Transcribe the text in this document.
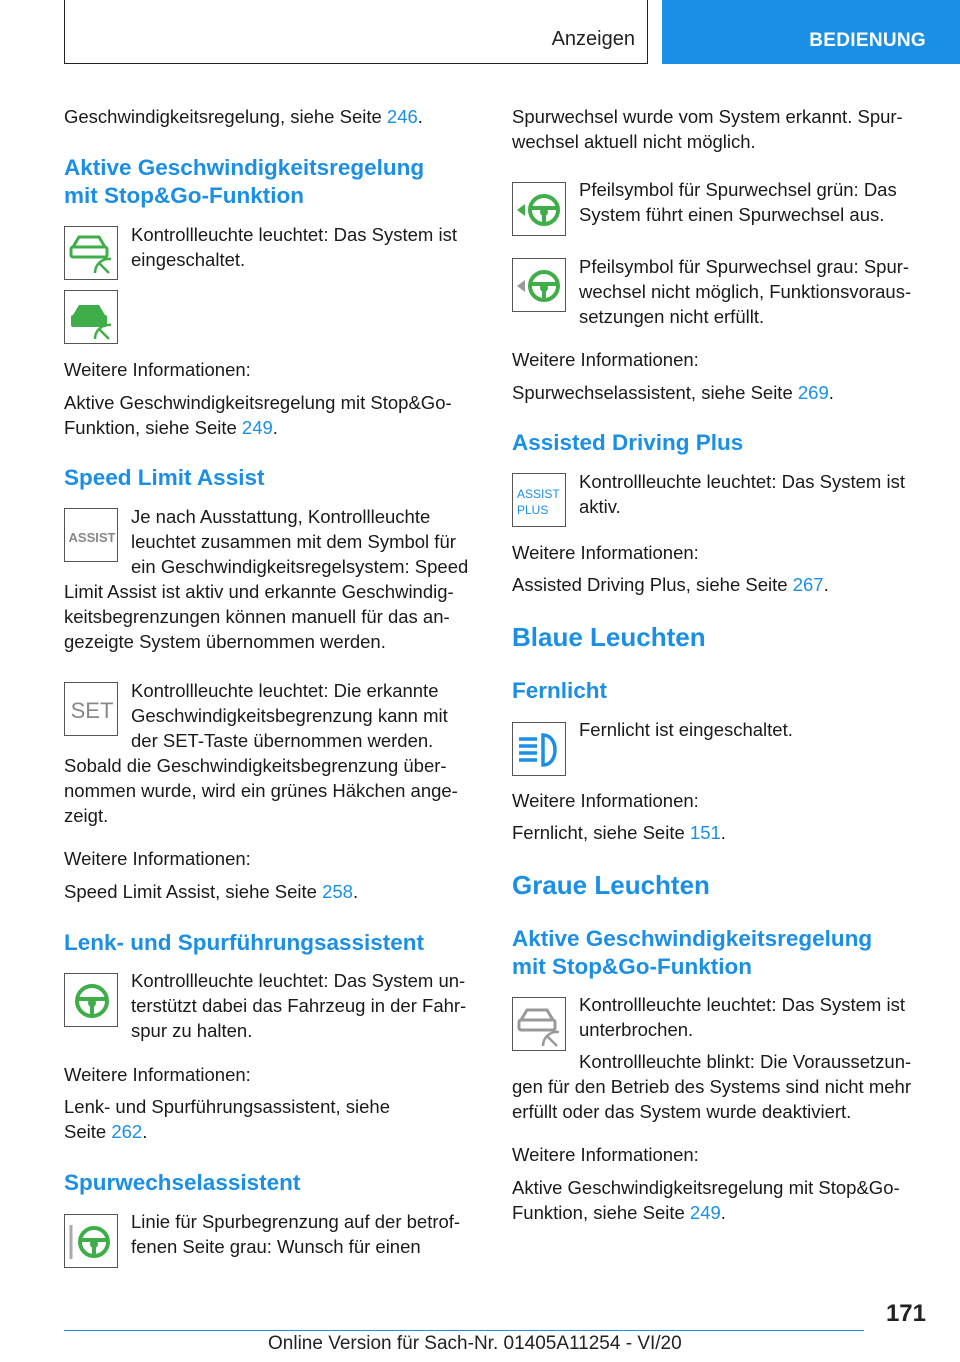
Anzeigen	BEDIENUNG

Geschwindigkeitsregelung, siehe Seite 246.

Aktive Geschwindigkeitsregelung
mit Stop&Go-Funktion

Kontrollleuchte leuchtet: Das System ist
eingeschaltet.

Weitere Informationen:

Aktive Geschwindigkeitsregelung mit Stop&Go-
Funktion, siehe Seite 249.

Speed Limit Assist
ASSIST

Je nach Ausstattung, Kontrollleuchte
leuchtet zusammen mit dem Symbol für
ein Geschwindigkeitsregelsystem: Speed

Limit Assist ist aktiv und erkannte Geschwindig-
keitsbegrenzungen können manuell für das an-
gezeigte System übernommen werden.

SET

Kontrollleuchte leuchtet: Die erkannte
Geschwindigkeitsbegrenzung kann mit
der SET-Taste übernommen werden.

Sobald die Geschwindigkeitsbegrenzung über-
nommen wurde, wird ein grünes Häkchen ange-
zeigt.

Weitere Informationen:

Speed Limit Assist, siehe Seite 258.

Lenk- und Spurführungsassistent

Kontrollleuchte leuchtet: Das System un-
terstützt dabei das Fahrzeug in der Fahr-
spur zu halten.

Weitere Informationen:

Lenk- und Spurführungsassistent, siehe
Seite 262.

Spurwechselassistent

Linie für Spurbegrenzung auf der betrof-
fenen Seite grau: Wunsch für einen

Spurwechsel wurde vom System erkannt. Spur-
wechsel aktuell nicht möglich.

Pfeilsymbol für Spurwechsel grün: Das
System führt einen Spurwechsel aus.

Pfeilsymbol für Spurwechsel grau: Spur-
wechsel nicht möglich, Funktionsvoraus-
setzungen nicht erfüllt.

Weitere Informationen:

Spurwechselassistent, siehe Seite 269.

Assisted Driving Plus
ASSIST
PLUS

Kontrollleuchte leuchtet: Das System ist
aktiv.

Weitere Informationen:

Assisted Driving Plus, siehe Seite 267.

Blaue Leuchten
Fernlicht

Fernlicht ist eingeschaltet.

Weitere Informationen:

Fernlicht, siehe Seite 151.

Graue Leuchten
Aktive Geschwindigkeitsregelung
mit Stop&Go-Funktion

Kontrollleuchte leuchtet: Das System ist
unterbrochen.

Kontrollleuchte blinkt: Die Voraussetzun-

gen für den Betrieb des Systems sind nicht mehr
erfüllt oder das System wurde deaktiviert.

Weitere Informationen:

Aktive Geschwindigkeitsregelung mit Stop&Go-
Funktion, siehe Seite 249.

171
Online Version für Sach-Nr. 01405A11254 - VI/20
